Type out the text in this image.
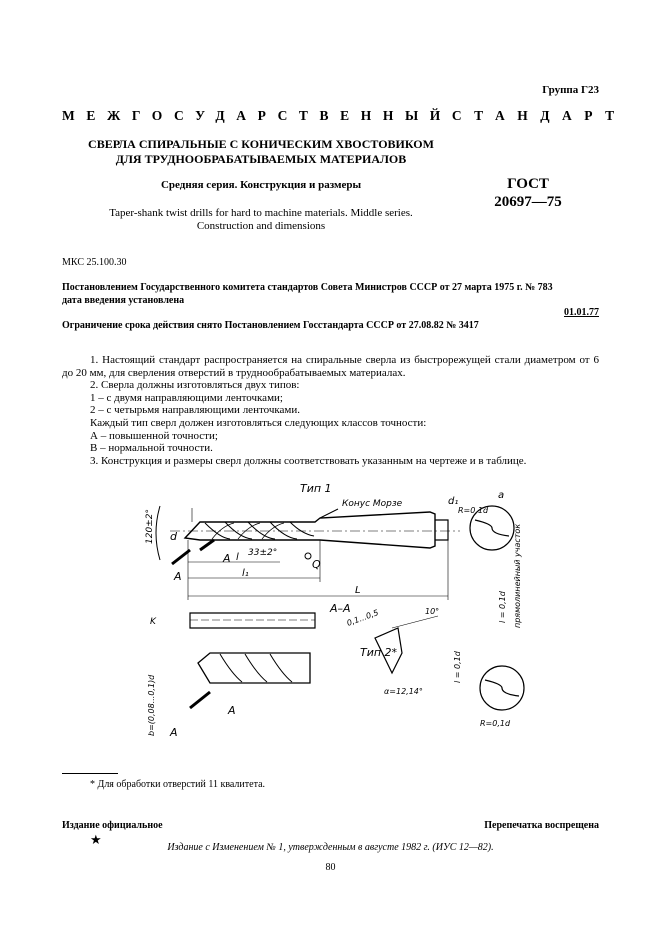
Группа Г23
МЕЖГОСУДАРСТВЕННЫЙ СТАНДАРТ
СВЕРЛА СПИРАЛЬНЫЕ С КОНИЧЕСКИМ ХВОСТОВИКОМ
ДЛЯ ТРУДНООБРАБАТЫВАЕМЫХ МАТЕРИАЛОВ
Средняя серия. Конструкция и размеры
Taper-shank twist drills for hard to machine materials. Middle series.
Construction and dimensions
ГОСТ
20697—75
МКС 25.100.30
Постановлением Государственного комитета стандартов Совета Министров СССР от 27 марта 1975 г. № 783
дата введения установлена
01.01.77
Ограничение срока действия снято Постановлением Госстандарта СССР от 27.08.82 № 3417

1. Настоящий стандарт распространяется на спиральные сверла из быстрорежущей стали диаметром от 6 до 20 мм, для сверления отверстий в труднообрабатываемых материалах.

2. Сверла должны изготовляться двух типов:

1 – с двумя направляющими ленточками;

2 – с четырьмя направляющими ленточками.

Каждый тип сверл должен изготовляться следующих классов точности:

А – повышенной точности;

В – нормальной точности.

3. Конструкция и размеры сверл должны соответствовать указанным на чертеже и в таблице.

Тип 1
Конус Морзе
120±2° d
A
A 33±2°
Q
l
l₁
L
d₁
R=0,1d
a
l = 0,1d прямолинейный участок
A–A
0,1...0,5	10°
Тип 2*
α=12,14°
K
b=(0,08...0,1)d A
A
l = 0,1d
R=0,1d
* Для обработки отверстий 11 квалитета.
Издание официальное
★
Перепечатка воспрещена
Издание с Изменением № 1, утвержденным в августе 1982 г. (ИУС 12—82).
80
